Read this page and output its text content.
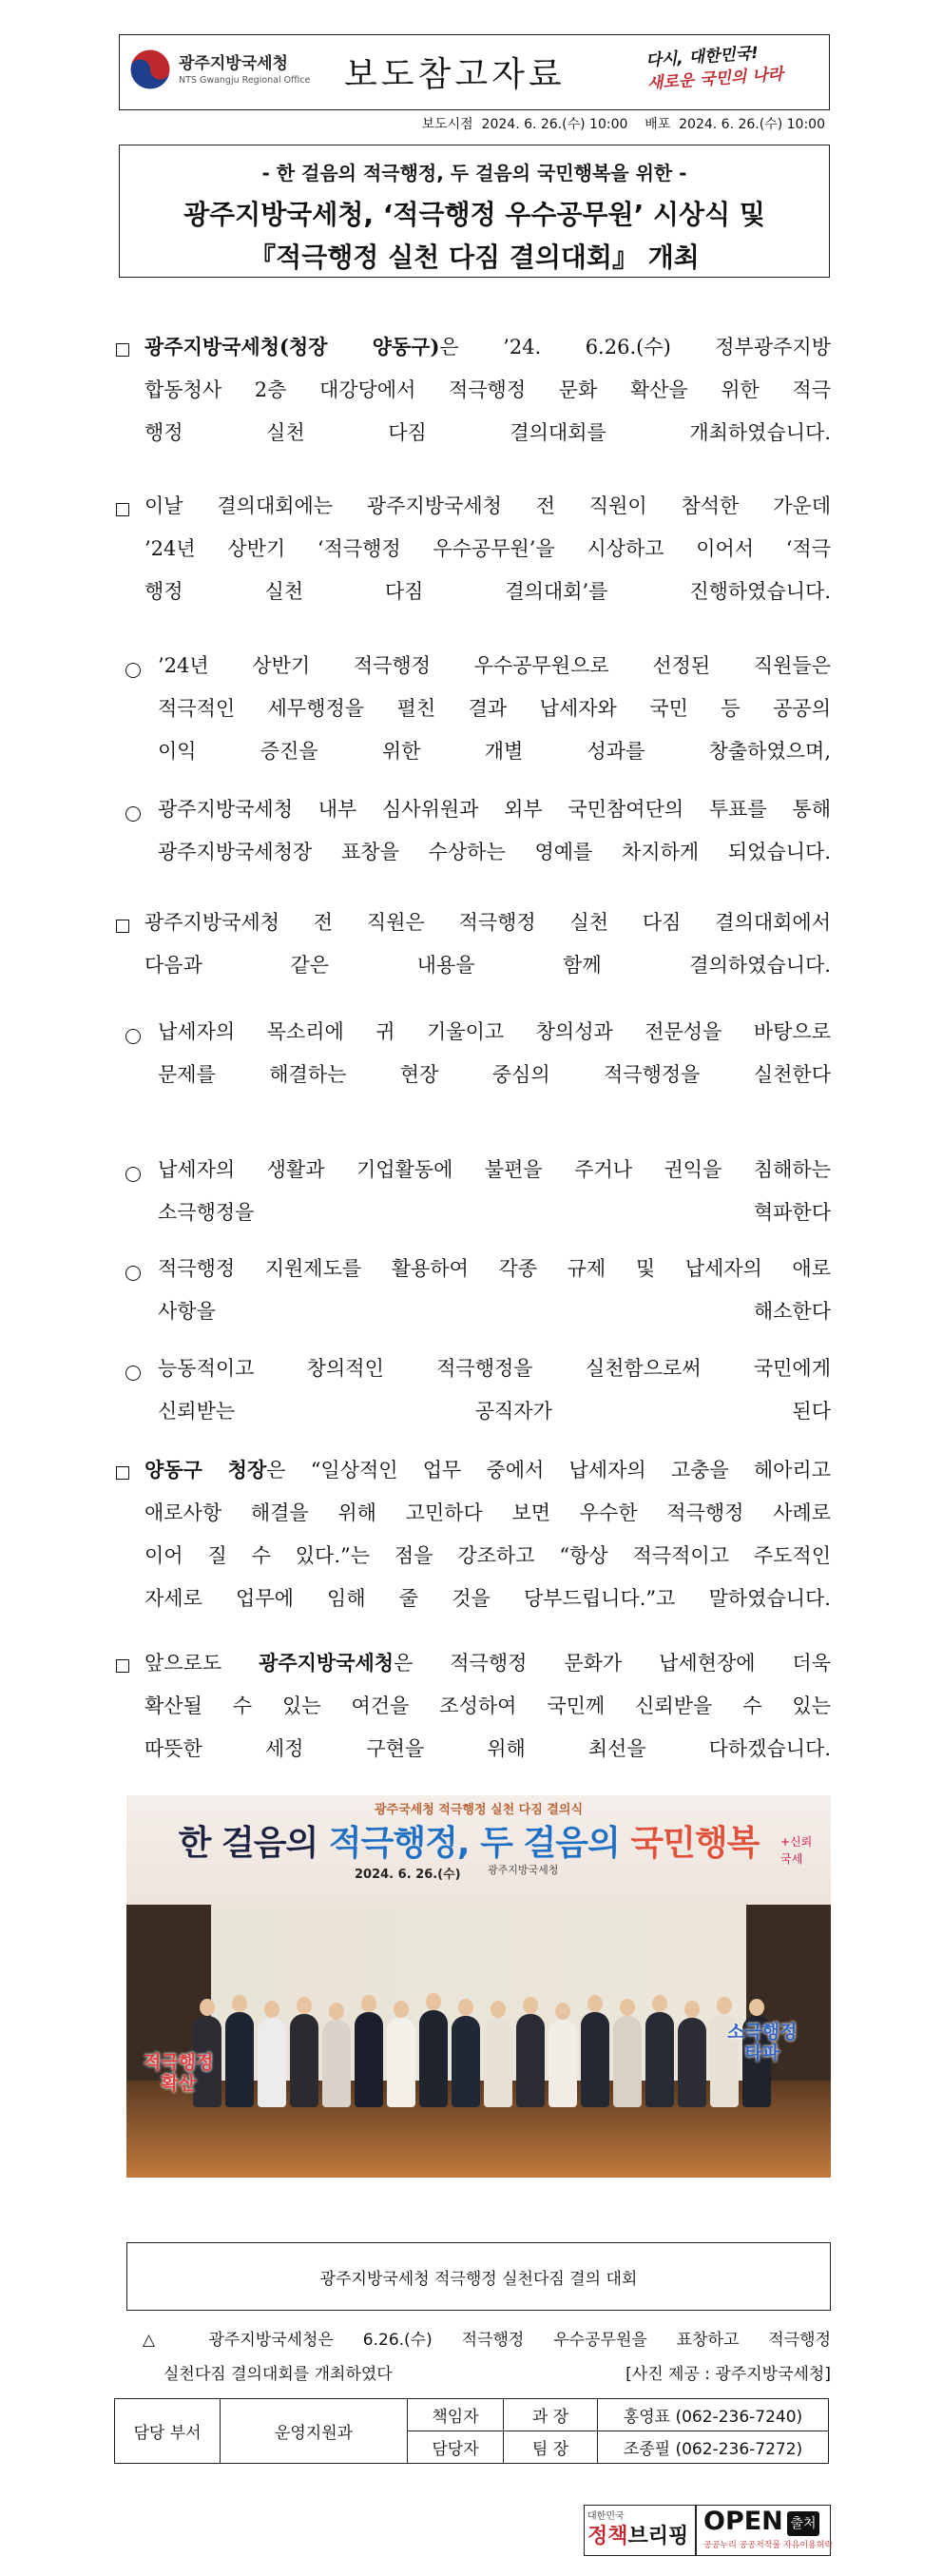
광주지방국세청
NTS Gwangju Regional Office 보도참고자료	다시, 대한민국!
새로운 국민의 나라
보도시점  2024. 6. 26.(수) 10:00    배포  2024. 6. 26.(수) 10:00
- 한 걸음의 적극행정, 두 걸음의 국민행복을 위한 -
광주지방국세청, ‘적극행정 우수공무원’ 시상식 및
『적극행정 실천 다짐 결의대회』 개최
광주지방국세청(청장 양동구)은 ’24. 6.26.(수) 정부광주지방
합동청사 2층 대강당에서 적극행정 문화 확산을 위한 적극
행정 실천 다짐 결의대회를 개최하였습니다.
이날 결의대회에는 광주지방국세청 전 직원이 참석한 가운데
’24년 상반기 ‘적극행정 우수공무원’을 시상하고 이어서 ‘적극
행정 실천 다짐 결의대회’를 진행하였습니다.
’24년 상반기 적극행정 우수공무원으로 선정된 직원들은
적극적인 세무행정을 펼친 결과 납세자와 국민 등 공공의
이익 증진을 위한 개별 성과를 창출하였으며,
광주지방국세청 내부 심사위원과 외부 국민참여단의 투표를 통해
광주지방국세청장 표창을 수상하는 영예를 차지하게 되었습니다.
광주지방국세청 전 직원은 적극행정 실천 다짐 결의대회에서
다음과 같은 내용을 함께 결의하였습니다.
납세자의 목소리에 귀 기울이고 창의성과 전문성을 바탕으로
문제를 해결하는 현장 중심의 적극행정을 실천한다
납세자의 생활과 기업활동에 불편을 주거나 권익을 침해하는
소극행정을 혁파한다
적극행정 지원제도를 활용하여 각종 규제 및 납세자의 애로
사항을 해소한다
능동적이고 창의적인 적극행정을 실천함으로써 국민에게
신뢰받는 공직자가 된다
양동구 청장은 “일상적인 업무 중에서 납세자의 고충을 헤아리고
애로사항 해결을 위해 고민하다 보면 우수한 적극행정 사례로
이어 질 수 있다.”는 점을 강조하고 “항상 적극적이고 주도적인
자세로 업무에 임해 줄 것을 당부드립니다.”고 말하였습니다.
앞으로도 광주지방국세청은 적극행정 문화가 납세현장에 더욱
확산될 수 있는 여건을 조성하여 국민께 신뢰받을 수 있는
따뜻한 세정 구현을 위해 최선을 다하겠습니다.
광주국세청 적극행정 실천 다짐 결의식
한 걸음의 적극행정, 두 걸음의 국민행복
2024. 6. 26.(수)	광주지방국세청
+신뢰
국세
적극행정
확산
소극행정
타파
광주지방국세청 적극행정 실천다짐 결의 대회
△ 광주지방국세청은 6.26.(수) 적극행정 우수공무원을 표창하고 적극행정
실천다짐 결의대회를 개최하였다	[사진 제공 : 광주지방국세청]
담당 부서	운영지원과	책임자	과 장	홍영표 (062-236-7240)
		담당자	팀 장	조종필 (062-236-7272)
대한민국
정책브리핑
OPEN
공공누리 공공저작물 자유이용허락
출처
